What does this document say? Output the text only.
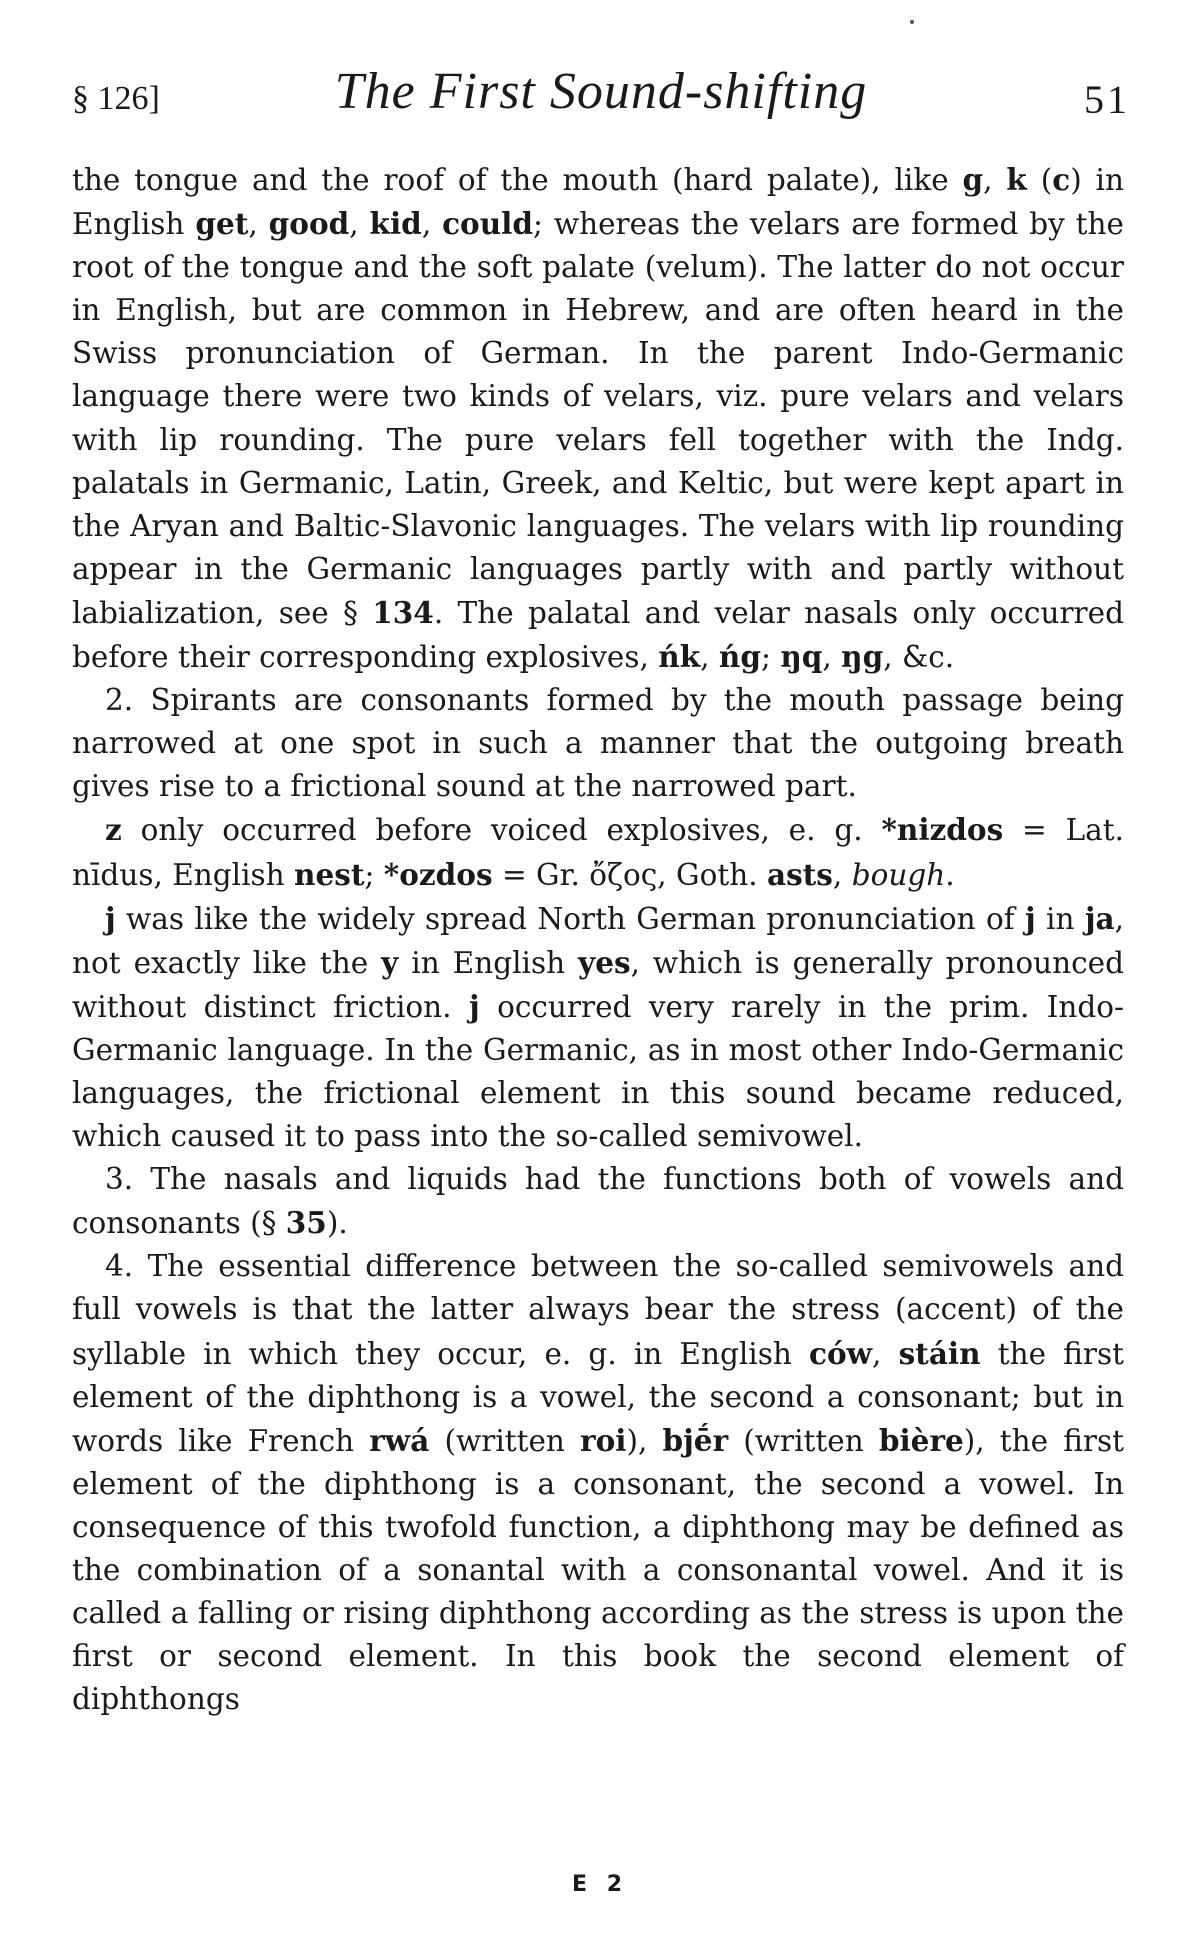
§ 126]	The First Sound-shifting	51

the tongue and the roof of the mouth (hard palate), like g, k (c) in English get, good, kid, could; whereas the velars are formed by the root of the tongue and the soft palate (velum). The latter do not occur in English, but are common in Hebrew, and are often heard in the Swiss pronunciation of German. In the parent Indo-Germanic language there were two kinds of velars, viz. pure velars and velars with lip rounding. The pure velars fell together with the Indg. palatals in Germanic, Latin, Greek, and Keltic, but were kept apart in the Aryan and Baltic-Slavonic languages. The velars with lip rounding appear in the Germanic languages partly with and partly without labialization, see § 134. The palatal and velar nasals only occurred before their corresponding explosives, ńk, ńg; ŋq, ŋg, &c.

2. Spirants are consonants formed by the mouth passage being narrowed at one spot in such a manner that the outgoing breath gives rise to a frictional sound at the narrowed part.

z only occurred before voiced explosives, e. g. *nizdos = Lat. nīdus, English nest; *ozdos = Gr. ὄζος, Goth. asts, bough.

j was like the widely spread North German pronunciation of j in ja, not exactly like the y in English yes, which is generally pronounced without distinct friction. j occurred very rarely in the prim. Indo-Germanic language. In the Germanic, as in most other Indo-Germanic languages, the frictional element in this sound became reduced, which caused it to pass into the so-called semivowel.

3. The nasals and liquids had the functions both of vowels and consonants (§ 35).

4. The essential difference between the so-called semivowels and full vowels is that the latter always bear the stress (accent) of the syllable in which they occur, e. g. in English ców, stáin the first element of the diphthong is a vowel, the second a consonant; but in words like French rwá (written roi), bjḗr (written bière), the first element of the diphthong is a consonant, the second a vowel. In consequence of this twofold function, a diphthong may be defined as the combination of a sonantal with a consonantal vowel. And it is called a falling or rising diphthong according as the stress is upon the first or second element. In this book the second element of diphthongs

E 2
